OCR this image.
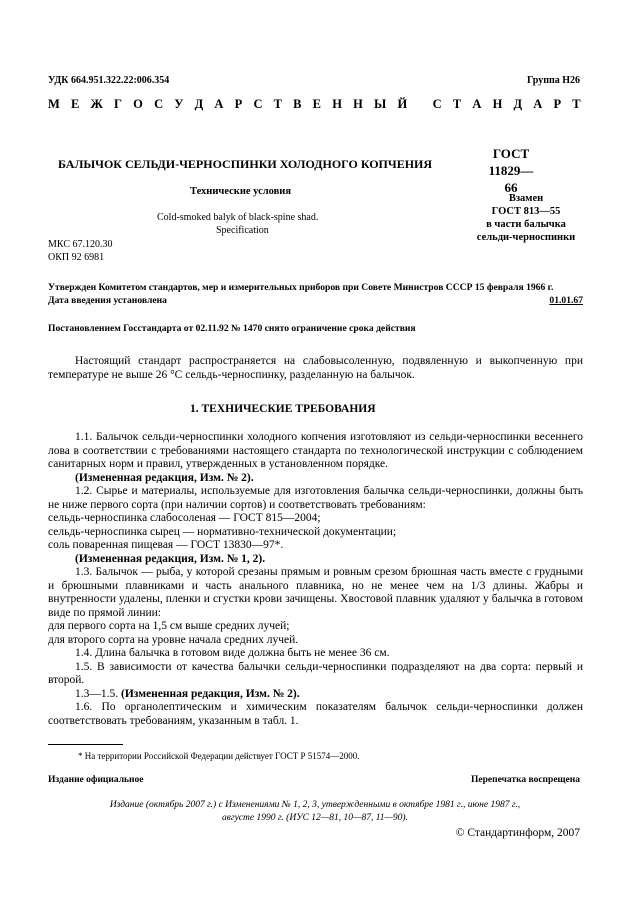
УДК 664.951.322.22:006.354	Группа Н26
М Е Ж Г О С У Д А Р С Т В Е Н Н Ы Й
С Т А Н Д А Р Т
БАЛЫЧОК СЕЛЬДИ-ЧЕРНОСПИНКИ ХОЛОДНОГО КОПЧЕНИЯ
Технические условия
Cold-smoked balyk of black-spine shad.
Specification
МКС 67.120.30
ОКП 92 6981
ГОСТ
11829—66
Взамен
ГОСТ 813—55
в части балычка
сельди-черноспинки
Утвержден Комитетом стандартов, мер и измерительных приборов при Совете Министров СССР 15 февраля 1966 г.
Дата введения установлена	01.01.67
Постановлением Госстандарта от 02.11.92 № 1470 снято ограничение срока действия

Настоящий стандарт распространяется на слабовысоленную, подвяленную и выкопченную при температуре не выше 26 °С сельдь-черноспинку, разделанную на балычок.

1. ТЕХНИЧЕСКИЕ ТРЕБОВАНИЯ

1.1. Балычок сельди-черноспинки холодного копчения изготовляют из сельди-черноспинки весеннего лова в соответствии с требованиями настоящего стандарта по технологической инструкции с соблюдением санитарных норм и правил, утвержденных в установленном порядке.

(Измененная редакция, Изм. № 2).

1.2. Сырье и материалы, используемые для изготовления балычка сельди-черноспинки, должны быть не ниже первого сорта (при наличии сортов) и соответствовать требованиям:

сельдь-черноспинка слабосоленая — ГОСТ 815—2004;

сельдь-черноспинка сырец — нормативно-технической документации;

соль поваренная пищевая — ГОСТ 13830—97*.

(Измененная редакция, Изм. № 1, 2).

1.3. Балычок — рыба, у которой срезаны прямым и ровным срезом брюшная часть вместе с грудными и брюшными плавниками и часть анального плавника, но не менее чем на 1/3 длины. Жабры и внутренности удалены, пленки и сгустки крови зачищены. Хвостовой плавник удаляют у балычка в готовом виде по прямой линии:

для первого сорта на 1,5 см выше средних лучей;

для второго сорта на уровне начала средних лучей.

1.4. Длина балычка в готовом виде должна быть не менее 36 см.

1.5. В зависимости от качества балычки сельди-черноспинки подразделяют на два сорта: первый и второй.

1.3—1.5. (Измененная редакция, Изм. № 2).

1.6. По органолептическим и химическим показателям балычок сельди-черноспинки должен соответствовать требованиям, указанным в табл. 1.

* На территории Российской Федерации действует ГОСТ Р 51574—2000.
Издание официальное	Перепечатка воспрещена
Издание (октябрь 2007 г.) с Изменениями № 1, 2, 3, утвержденными в октябре 1981 г., июне 1987 г.,
августе 1990 г. (ИУС 12—81, 10—87, 11—90).
© Стандартинформ, 2007
